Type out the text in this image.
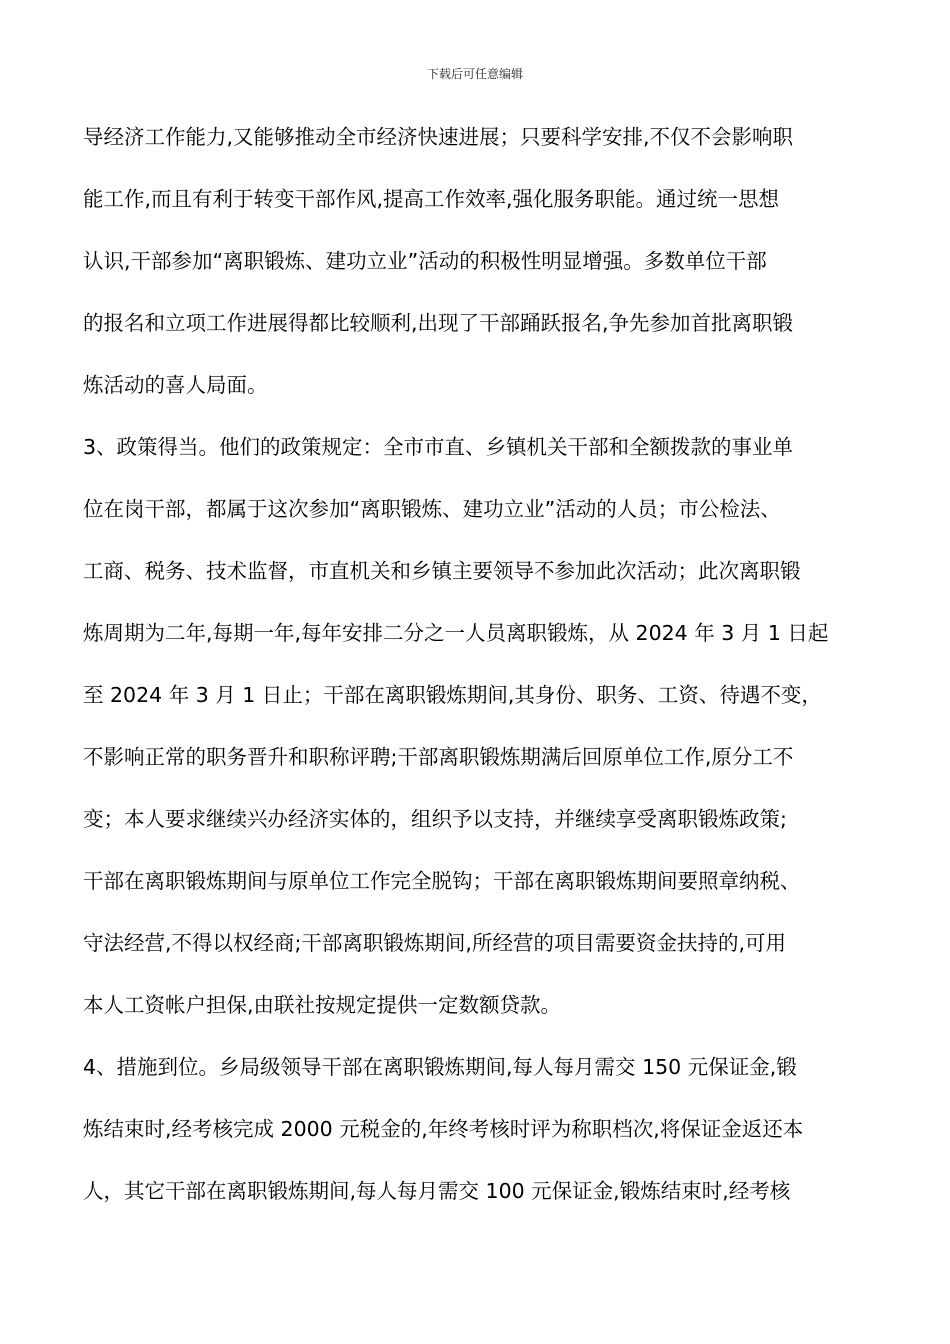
下载后可任意编辑
导经济工作能力,又能够推动全市经济快速进展；只要科学安排,不仅不会影响职
能工作,而且有利于转变干部作风,提高工作效率,强化服务职能。通过统一思想
认识,干部参加“离职锻炼、建功立业”活动的积极性明显增强。多数单位干部
的报名和立项工作进展得都比较顺利,出现了干部踊跃报名,争先参加首批离职锻
炼活动的喜人局面。
3、政策得当。他们的政策规定：全市市直、乡镇机关干部和全额拨款的事业单
位在岗干部，都属于这次参加“离职锻炼、建功立业”活动的人员；市公检法、
工商、税务、技术监督，市直机关和乡镇主要领导不参加此次活动；此次离职锻
炼周期为二年,每期一年,每年安排二分之一人员离职锻炼，从 2024 年 3 月 1 日起
至 2024 年 3 月 1 日止；干部在离职锻炼期间,其身份、职务、工资、待遇不变，
不影响正常的职务晋升和职称评聘;干部离职锻炼期满后回原单位工作,原分工不
变；本人要求继续兴办经济实体的，组织予以支持，并继续享受离职锻炼政策;
干部在离职锻炼期间与原单位工作完全脱钩；干部在离职锻炼期间要照章纳税、
守法经营,不得以权经商;干部离职锻炼期间,所经营的项目需要资金扶持的,可用
本人工资帐户担保,由联社按规定提供一定数额贷款。
4、措施到位。乡局级领导干部在离职锻炼期间,每人每月需交 150 元保证金,锻
炼结束时,经考核完成 2000 元税金的,年终考核时评为称职档次,将保证金返还本
人，其它干部在离职锻炼期间,每人每月需交 100 元保证金,锻炼结束时,经考核
